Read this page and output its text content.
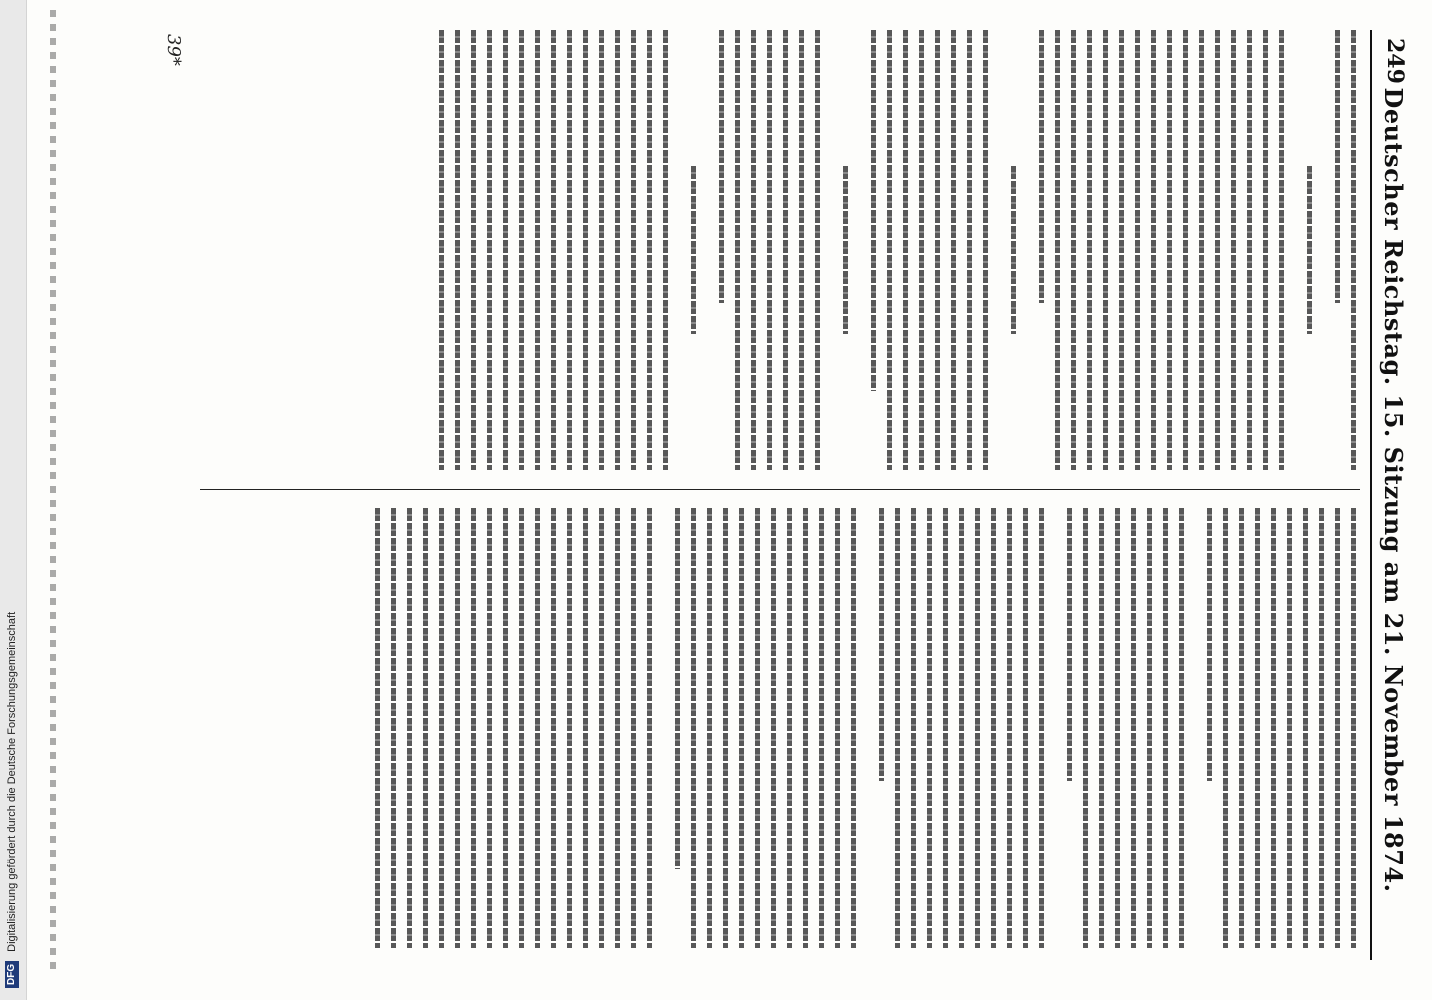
DFG Digitalisierung gefördert durch die Deutsche Forschungsgemeinschaft
249
Deutscher Reichstag. 15. Sitzung am 21. November 1874.
39*
